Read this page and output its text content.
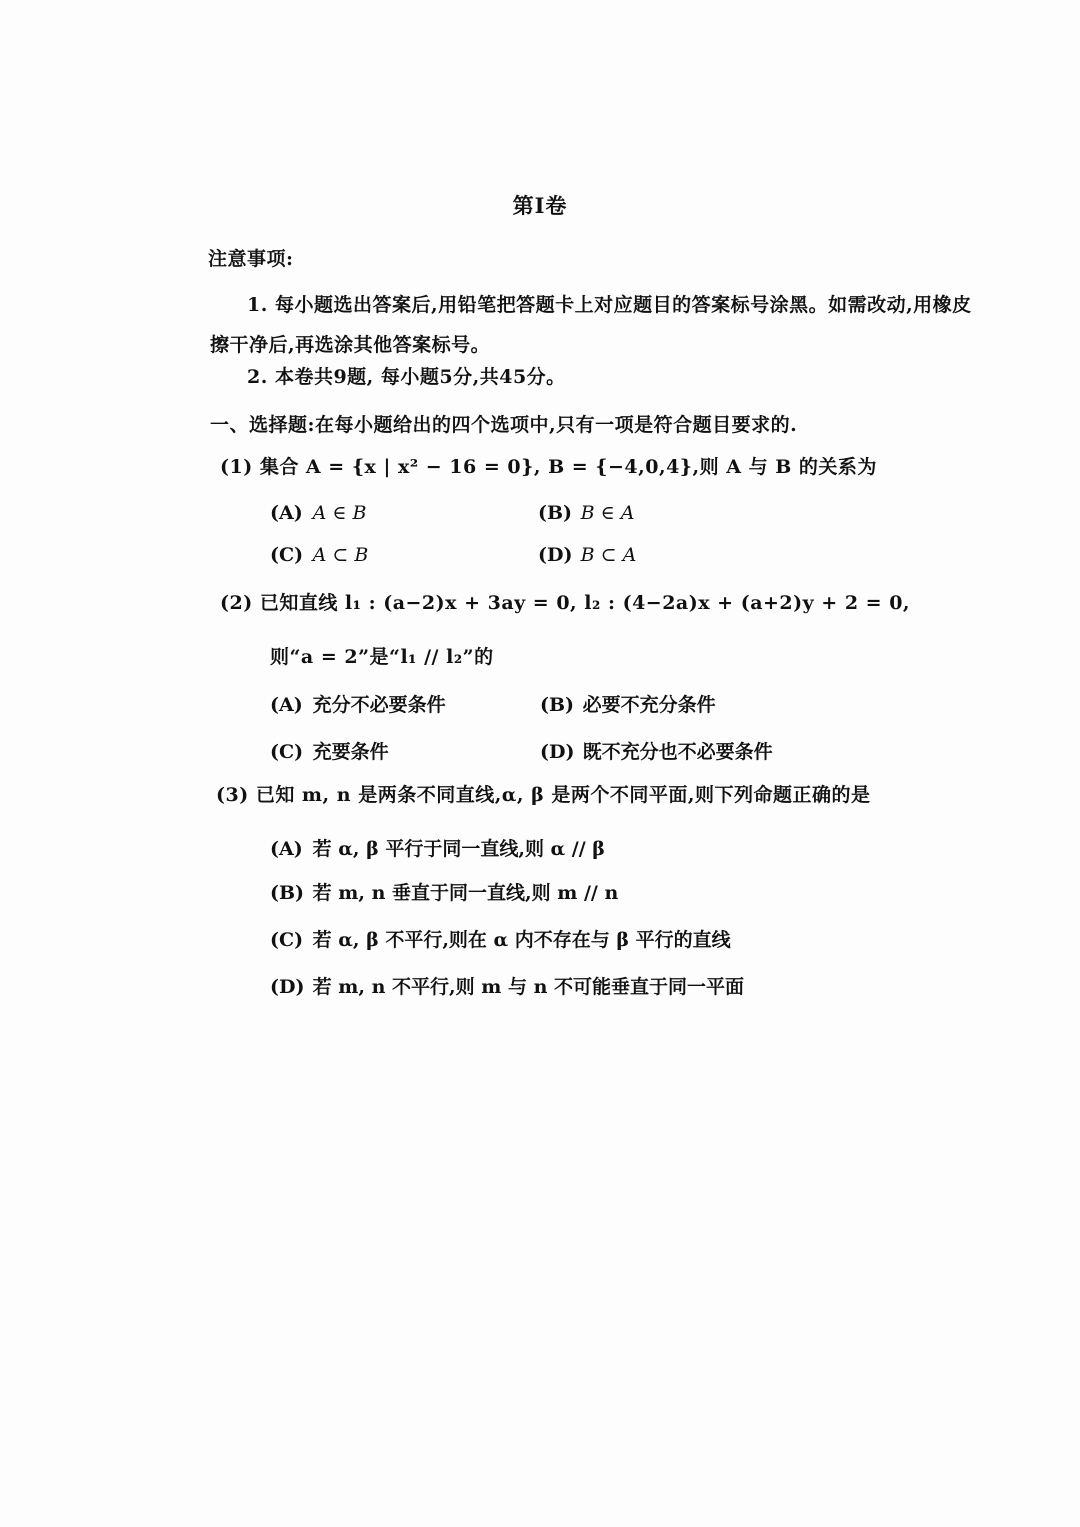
第Ⅰ卷
注意事项:
1. 每小题选出答案后,用铅笔把答题卡上对应题目的答案标号涂黑。如需改动,用橡皮
擦干净后,再选涂其他答案标号。
2. 本卷共9题, 每小题5分,共45分。
一、选择题:在每小题给出的四个选项中,只有一项是符合题目要求的.
(1) 集合 A = {x | x² − 16 = 0}, B = {−4,0,4},则 A 与 B 的关系为
(A) A ∈ B	(B) B ∈ A
(C) A ⊂ B	(D) B ⊂ A
(2) 已知直线 l₁ : (a−2)x + 3ay = 0, l₂ : (4−2a)x + (a+2)y + 2 = 0,
则“a = 2”是“l₁ // l₂”的
(A) 充分不必要条件	(B) 必要不充分条件
(C) 充要条件	(D) 既不充分也不必要条件
(3) 已知 m, n 是两条不同直线,α, β 是两个不同平面,则下列命题正确的是
(A) 若 α, β 平行于同一直线,则 α // β
(B) 若 m, n 垂直于同一直线,则 m // n
(C) 若 α, β 不平行,则在 α 内不存在与 β 平行的直线
(D) 若 m, n 不平行,则 m 与 n 不可能垂直于同一平面
